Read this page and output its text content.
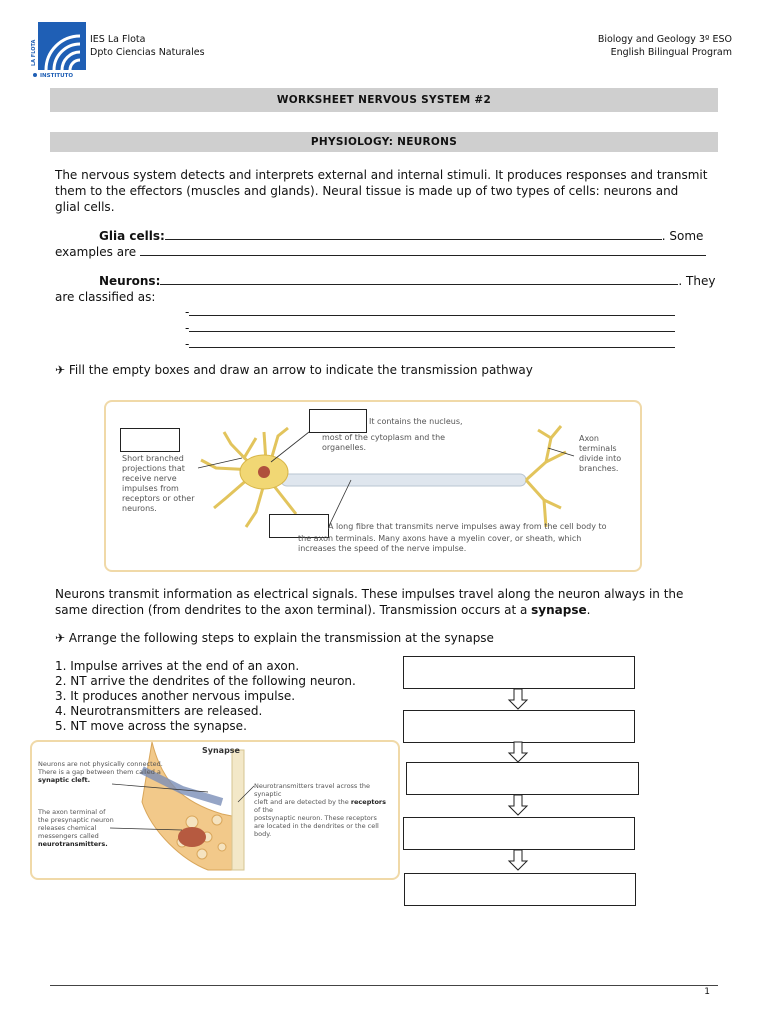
LA FLOTA
INSTITUTO
IES La Flota
Dpto Ciencias Naturales
Biology and Geology 3º ESO
English Bilingual Program
WORKSHEET NERVOUS SYSTEM #2
PHYSIOLOGY: NEURONS
The nervous system detects and interprets external and internal stimuli. It produces responses and transmit
them to the effectors (muscles and glands). Neural tissue is made up of two types of cells: neurons and
glial cells.
Glia cells:	. Some
examples are
Neurons:	. They
are classified as:
-
-
-
✈ Fill the empty boxes and draw an arrow to indicate the transmission pathway
Short branched
projections that
receive nerve
impulses from
receptors or other
neurons.
It contains the nucleus,
most of the cytoplasm and the
organelles.
Axon
terminals
divide into
branches.
A long fibre that transmits nerve impulses away from the cell body to
the axon terminals. Many axons have a myelin cover, or sheath, which
increases the speed of the nerve impulse.
Neurons transmit information as electrical signals. These impulses travel along the neuron always in the
same direction (from dendrites to the axon terminal). Transmission occurs at a synapse.
✈ Arrange the following steps to explain the transmission at the synapse
1. Impulse arrives at the end of an axon.
2. NT arrive the dendrites of the following neuron.
3. It produces another nervous impulse.
4. Neurotransmitters are released.
5. NT move across the synapse.
Synapse
Neurons are not physically connected.
There is a gap between them called a
synaptic cleft.
The axon terminal of
the presynaptic neuron
releases chemical
messengers called
neurotransmitters.
Neurotransmitters travel across the synaptic
cleft and are detected by the receptors of the
postsynaptic neuron. These receptors
are located in the dendrites or the cell body.
1
